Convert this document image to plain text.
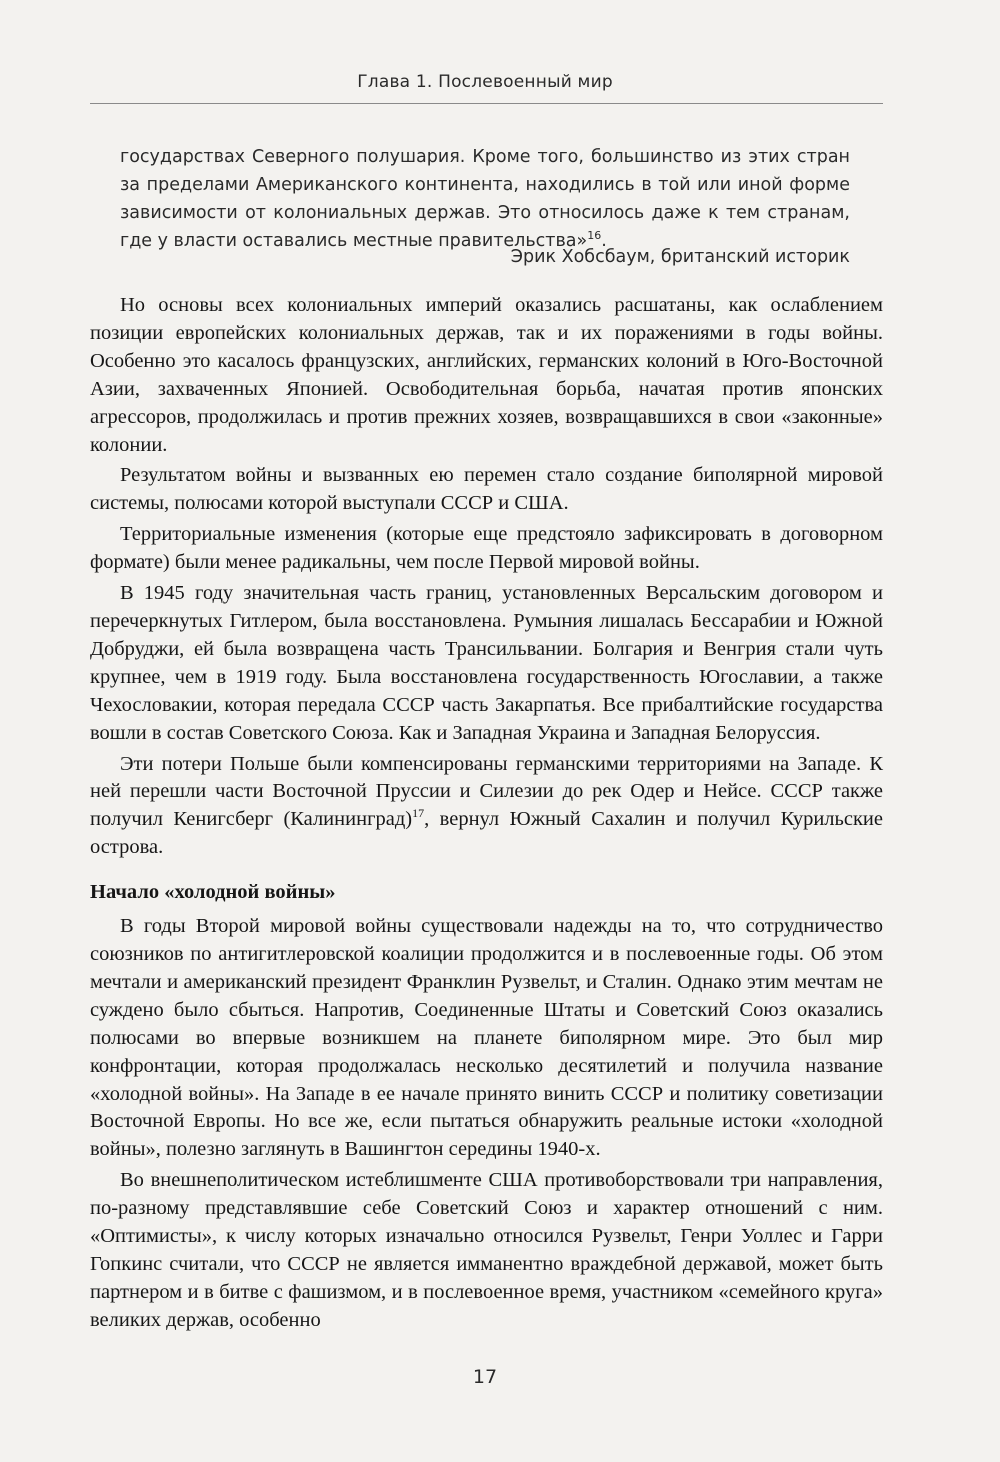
Глава 1. Послевоенный мир

государствах Северного полушария. Кроме того, большинство из этих стран за пределами Американского континента, находились в той или иной форме зависимости от колониальных держав. Это относилось даже к тем странам, где у власти оставались местные правительства»$^{16}$.

Эрик Хобсбаум, британский историк

Но основы всех колониальных империй оказались расшатаны, как ослаблением позиции европейских колониальных держав, так и их поражениями в годы войны. Особенно это касалось французских, английских, германских колоний в Юго-Восточной Азии, захваченных Японией. Освободительная борьба, начатая против японских агрессоров, продолжилась и против прежних хозяев, возвращавшихся в свои «законные» колонии.

Результатом войны и вызванных ею перемен стало создание биполярной мировой системы, полюсами которой выступали СССР и США.

Территориальные изменения (которые еще предстояло зафиксировать в договорном формате) были менее радикальны, чем после Первой мировой войны.

В 1945 году значительная часть границ, установленных Версальским договором и перечеркнутых Гитлером, была восстановлена. Румыния лишалась Бессарабии и Южной Добруджи, ей была возвращена часть Трансильвании. Болгария и Венгрия стали чуть крупнее, чем в 1919 году. Была восстановлена государственность Югославии, а также Чехословакии, которая передала СССР часть Закарпатья. Все прибалтийские государства вошли в состав Советского Союза. Как и Западная Украина и Западная Белоруссия.

Эти потери Польше были компенсированы германскими территориями на Западе. К ней перешли части Восточной Пруссии и Силезии до рек Одер и Нейсе. СССР также получил Кенигсберг (Калининград)$^{17}$, вернул Южный Сахалин и получил Курильские острова.

Начало «холодной войны»

В годы Второй мировой войны существовали надежды на то, что сотрудничество союзников по антигитлеровской коалиции продолжится и в послевоенные годы. Об этом мечтали и американский президент Франклин Рузвельт, и Сталин. Однако этим мечтам не суждено было сбыться. Напротив, Соединенные Штаты и Советский Союз оказались полюсами во впервые возникшем на планете биполярном мире. Это был мир конфронтации, которая продолжалась несколько десятилетий и получила название «холодной войны». На Западе в ее начале принято винить СССР и политику советизации Восточной Европы. Но все же, если пытаться обнаружить реальные истоки «холодной войны», полезно заглянуть в Вашингтон середины 1940-х.

Во внешнеполитическом истеблишменте США противоборствовали три направления, по-разному представлявшие себе Советский Союз и характер отношений с ним. «Оптимисты», к числу которых изначально относился Рузвельт, Генри Уоллес и Гарри Гопкинс считали, что СССР не является имманентно враждебной державой, может быть партнером и в битве с фашизмом, и в послевоенное время, участником «семейного круга» великих держав, особенно

17
